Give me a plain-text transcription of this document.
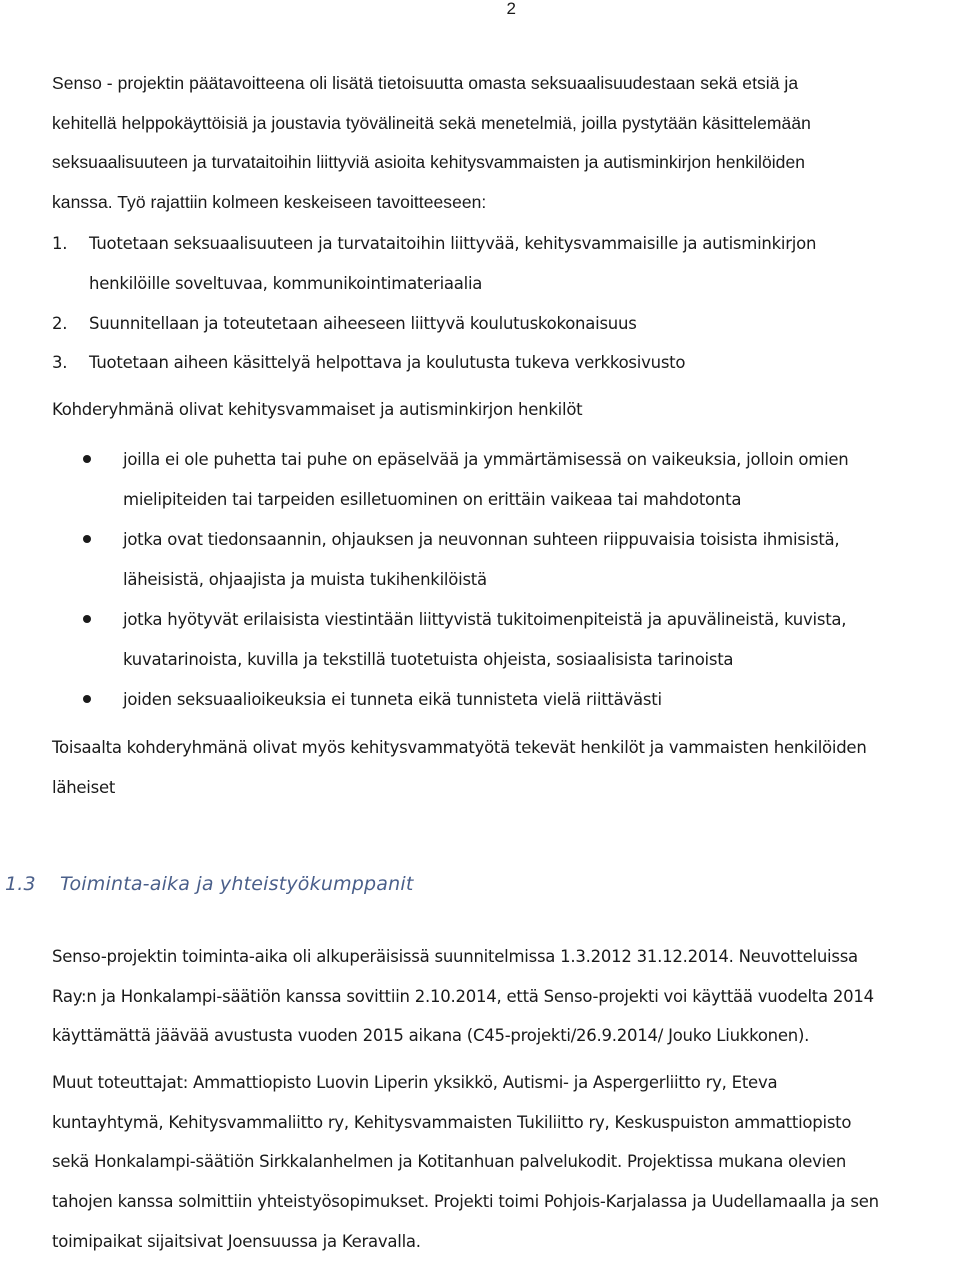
2
Senso - projektin päätavoitteena oli lisätä tietoisuutta omasta seksuaalisuudestaan sekä etsiä ja
kehitellä helppokäyttöisiä ja joustavia työvälineitä sekä menetelmiä, joilla pystytään käsittelemään
seksuaalisuuteen ja turvataitoihin liittyviä asioita kehitysvammaisten ja autisminkirjon henkilöiden
kanssa. Työ rajattiin kolmeen keskeiseen tavoitteeseen:
1. Tuotetaan seksuaalisuuteen ja turvataitoihin liittyvää, kehitysvammaisille ja autisminkirjon
henkilöille soveltuvaa, kommunikointimateriaalia
2. Suunnitellaan ja toteutetaan aiheeseen liittyvä koulutuskokonaisuus
3. Tuotetaan aiheen käsittelyä helpottava ja koulutusta tukeva verkkosivusto
Kohderyhmänä olivat kehitysvammaiset ja autisminkirjon henkilöt
joilla ei ole puhetta tai puhe on epäselvää ja ymmärtämisessä on vaikeuksia, jolloin omien
mielipiteiden tai tarpeiden esilletuominen on erittäin vaikeaa tai mahdotonta
jotka ovat tiedonsaannin, ohjauksen ja neuvonnan suhteen riippuvaisia toisista ihmisistä,
läheisistä, ohjaajista ja muista tukihenkilöistä
jotka hyötyvät erilaisista viestintään liittyvistä tukitoimenpiteistä ja apuvälineistä, kuvista,
kuvatarinoista, kuvilla ja tekstillä tuotetuista ohjeista, sosiaalisista tarinoista
joiden seksuaalioikeuksia ei tunneta eikä tunnisteta vielä riittävästi
Toisaalta kohderyhmänä olivat myös kehitysvammatyötä tekevät henkilöt ja vammaisten henkilöiden
läheiset
1.3 Toiminta-aika ja yhteistyökumppanit
Senso-projektin toiminta-aika oli alkuperäisissä suunnitelmissa 1.3.2012 31.12.2014. Neuvotteluissa
Ray:n ja Honkalampi-säätiön kanssa sovittiin 2.10.2014, että Senso-projekti voi käyttää vuodelta 2014
käyttämättä jäävää avustusta vuoden 2015 aikana (C45-projekti/26.9.2014/ Jouko Liukkonen).
Muut toteuttajat: Ammattiopisto Luovin Liperin yksikkö, Autismi- ja Aspergerliitto ry, Eteva
kuntayhtymä, Kehitysvammaliitto ry, Kehitysvammaisten Tukiliitto ry, Keskuspuiston ammattiopisto
sekä Honkalampi-säätiön Sirkkalanhelmen ja Kotitanhuan palvelukodit. Projektissa mukana olevien
tahojen kanssa solmittiin yhteistyösopimukset. Projekti toimi Pohjois-Karjalassa ja Uudellamaalla ja sen
toimipaikat sijaitsivat Joensuussa ja Keravalla.
